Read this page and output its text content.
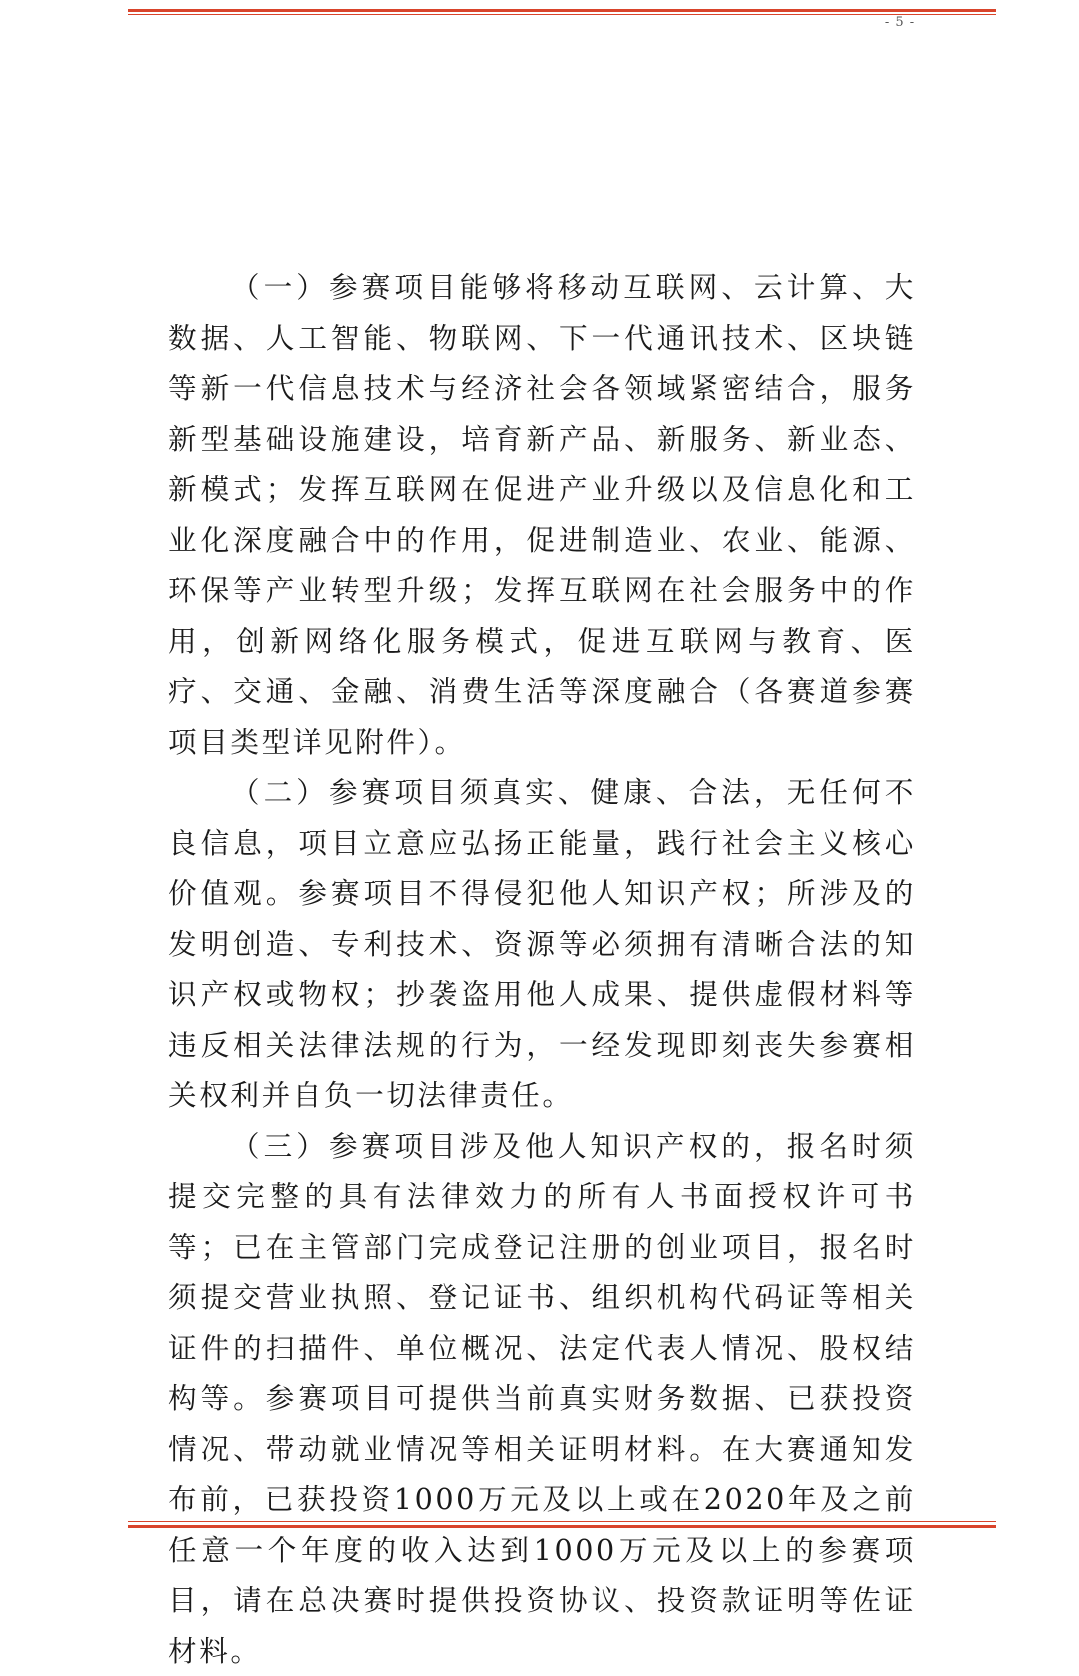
- 5 -

（一）参赛项目能够将移动互联网、云计算、大数据、人工智能、物联网、下一代通讯技术、区块链等新一代信息技术与经济社会各领域紧密结合，服务新型基础设施建设，培育新产品、新服务、新业态、新模式；发挥互联网在促进产业升级以及信息化和工业化深度融合中的作用，促进制造业、农业、能源、环保等产业转型升级；发挥互联网在社会服务中的作用，创新网络化服务模式，促进互联网与教育、医疗、交通、金融、消费生活等深度融合（各赛道参赛项目类型详见附件）。

（二）参赛项目须真实、健康、合法，无任何不良信息，项目立意应弘扬正能量，践行社会主义核心价值观。参赛项目不得侵犯他人知识产权；所涉及的发明创造、专利技术、资源等必须拥有清晰合法的知识产权或物权；抄袭盗用他人成果、提供虚假材料等违反相关法律法规的行为，一经发现即刻丧失参赛相关权利并自负一切法律责任。

（三）参赛项目涉及他人知识产权的，报名时须提交完整的具有法律效力的所有人书面授权许可书等；已在主管部门完成登记注册的创业项目，报名时须提交营业执照、登记证书、组织机构代码证等相关证件的扫描件、单位概况、法定代表人情况、股权结构等。参赛项目可提供当前真实财务数据、已获投资情况、带动就业情况等相关证明材料。在大赛通知发布前，已获投资1000万元及以上或在2020年及之前任意一个年度的收入达到1000万元及以上的参赛项目，请在总决赛时提供投资协议、投资款证明等佐证材料。
